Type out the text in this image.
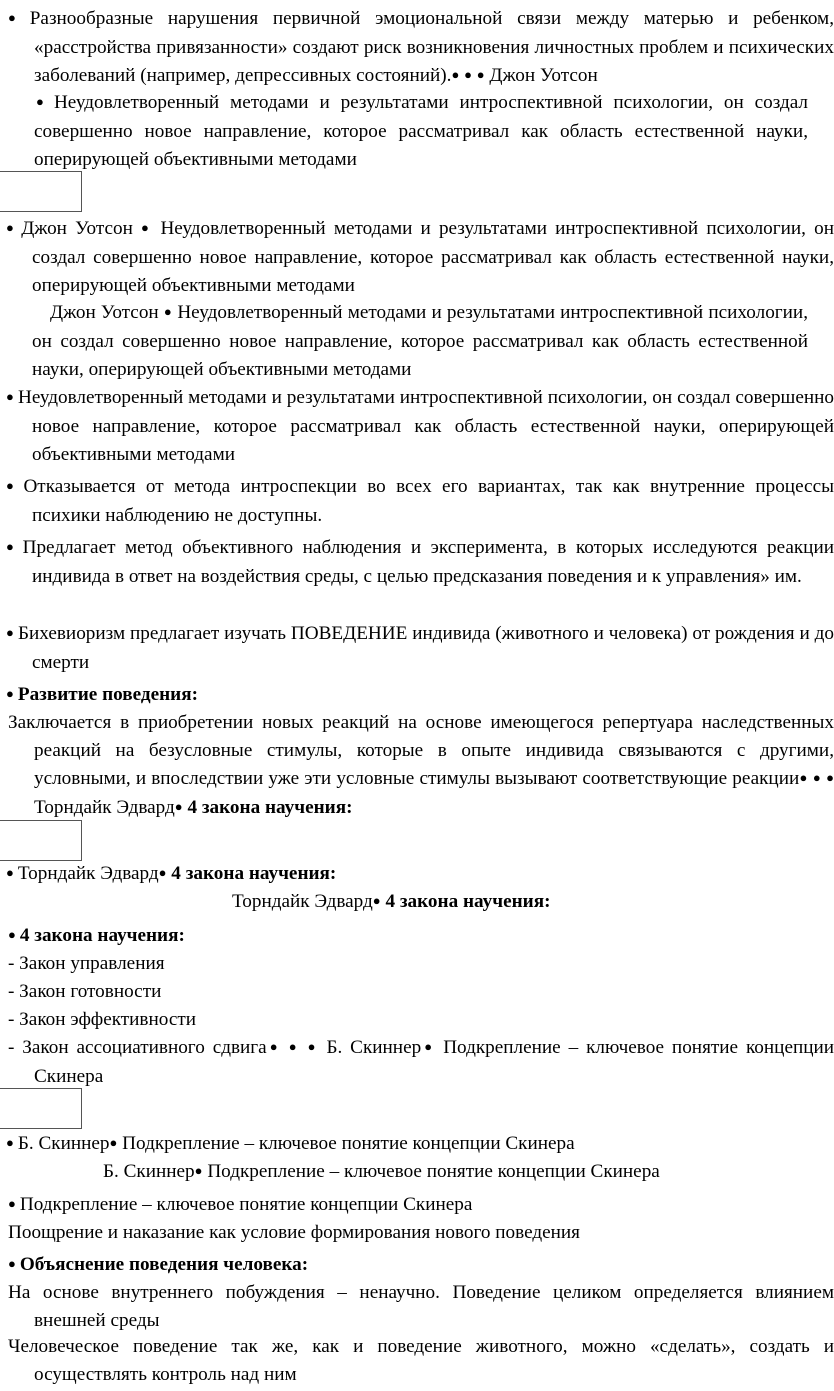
● Разнообразные нарушения первичной эмоциональной связи между матерью и ребенком, «расстройства привязанности» создают риск возникновения личностных проблем и психических заболеваний (например, депрессивных состояний).● ● ● Джон Уотсон

● Неудовлетворенный методами и результатами интроспективной психологии, он создал совершенно новое направление, которое рассматривал как область естественной науки, оперирующей объективными методами

● Джон Уотсон ● Неудовлетворенный методами и результатами интроспективной психологии, он создал совершенно новое направление, которое рассматривал как область естественной науки, оперирующей объективными методами

Джон Уотсон ● Неудовлетворенный методами и результатами интроспективной психологии, он создал совершенно новое направление, которое рассматривал как область естественной науки, оперирующей объективными методами

● Неудовлетворенный методами и результатами интроспективной психологии, он создал совершенно новое направление, которое рассматривал как область естественной науки, оперирующей объективными методами

● Отказывается от метода интроспекции во всех его вариантах, так как внутренние процессы психики наблюдению не доступны.

● Предлагает метод объективного наблюдения и эксперимента, в которых исследуются реакции индивида в ответ на воздействия среды, с целью предсказания поведения и к управления» им.

● Бихевиоризм предлагает изучать ПОВЕДЕНИЕ индивида (животного и человека) от рождения и до смерти

● Развитие поведения:

Заключается в приобретении новых реакций на основе имеющегося репертуара наследственных реакций на безусловные стимулы, которые в опыте индивида связываются с другими, условными, и впоследствии уже эти условные стимулы вызывают соответствующие реакции● ● ● Торндайк Эдвард● 4 закона научения:

● Торндайк Эдвард● 4 закона научения:

Торндайк Эдвард● 4 закона научения:

● 4 закона научения:

- Закон управления

- Закон готовности

- Закон эффективности

- Закон ассоциативного сдвига● ● ● Б. Скиннер● Подкрепление – ключевое понятие концепции Скинера

● Б. Скиннер● Подкрепление – ключевое понятие концепции Скинера

Б. Скиннер● Подкрепление – ключевое понятие концепции Скинера

● Подкрепление – ключевое понятие концепции Скинера

Поощрение и наказание как условие формирования нового поведения

● Объяснение поведения человека:

На основе внутреннего побуждения – ненаучно. Поведение целиком определяется влиянием внешней среды

Человеческое поведение так же, как и поведение животного, можно «сделать», создать и осуществлять контроль над ним
